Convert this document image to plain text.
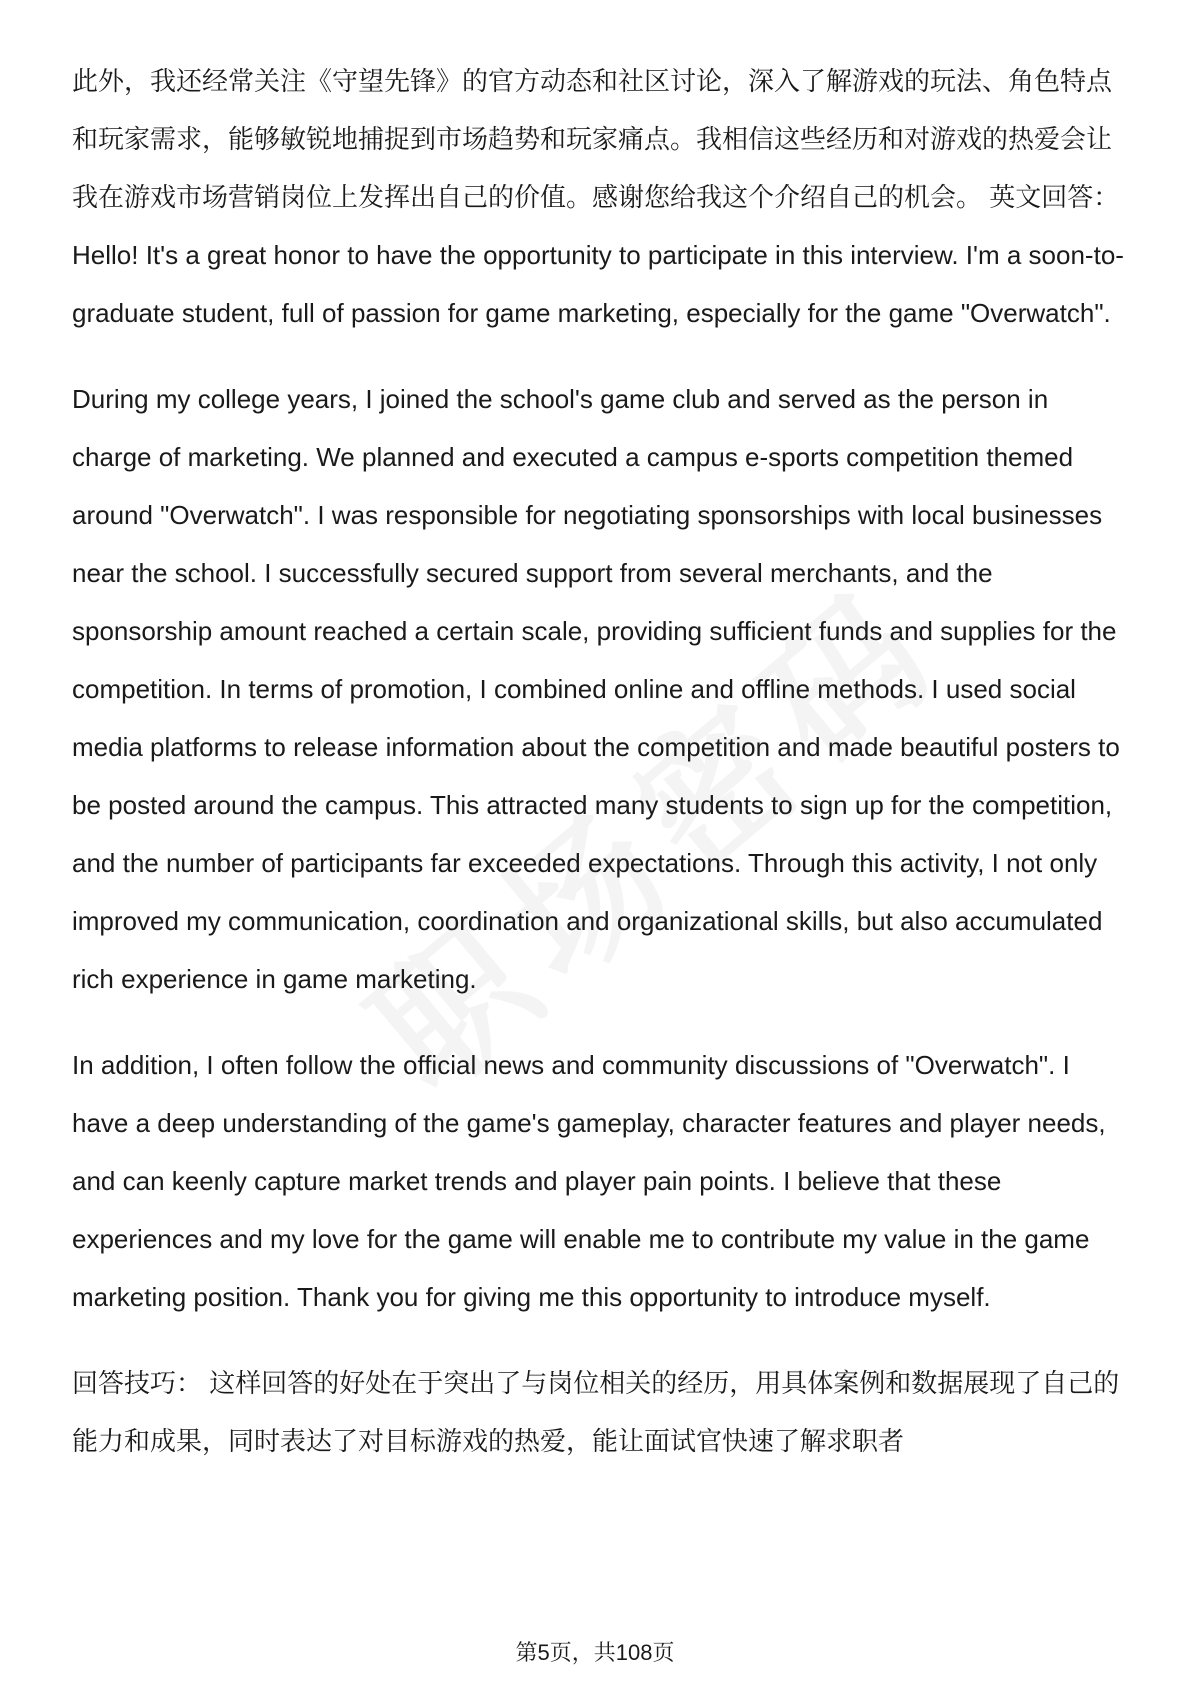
此外，我还经常关注《守望先锋》的官方动态和社区讨论，深入了解游戏的玩法、角色特点和玩家需求，能够敏锐地捕捉到市场趋势和玩家痛点。我相信这些经历和对游戏的热爱会让我在游戏市场营销岗位上发挥出自己的价值。感谢您给我这个介绍自己的机会。 英文回答： Hello! It's a great honor to have the opportunity to participate in this interview. I'm a soon-to-graduate student, full of passion for game marketing, especially for the game "Overwatch".

During my college years, I joined the school's game club and served as the person in charge of marketing. We planned and executed a campus e-sports competition themed around "Overwatch". I was responsible for negotiating sponsorships with local businesses near the school. I successfully secured support from several merchants, and the sponsorship amount reached a certain scale, providing sufficient funds and supplies for the competition. In terms of promotion, I combined online and offline methods. I used social media platforms to release information about the competition and made beautiful posters to be posted around the campus. This attracted many students to sign up for the competition, and the number of participants far exceeded expectations. Through this activity, I not only improved my communication, coordination and organizational skills, but also accumulated rich experience in game marketing.

In addition, I often follow the official news and community discussions of "Overwatch". I have a deep understanding of the game's gameplay, character features and player needs, and can keenly capture market trends and player pain points. I believe that these experiences and my love for the game will enable me to contribute my value in the game marketing position. Thank you for giving me this opportunity to introduce myself.

回答技巧： 这样回答的好处在于突出了与岗位相关的经历，用具体案例和数据展现了自己的能力和成果，同时表达了对目标游戏的热爱，能让面试官快速了解求职者

第5页，共108页
